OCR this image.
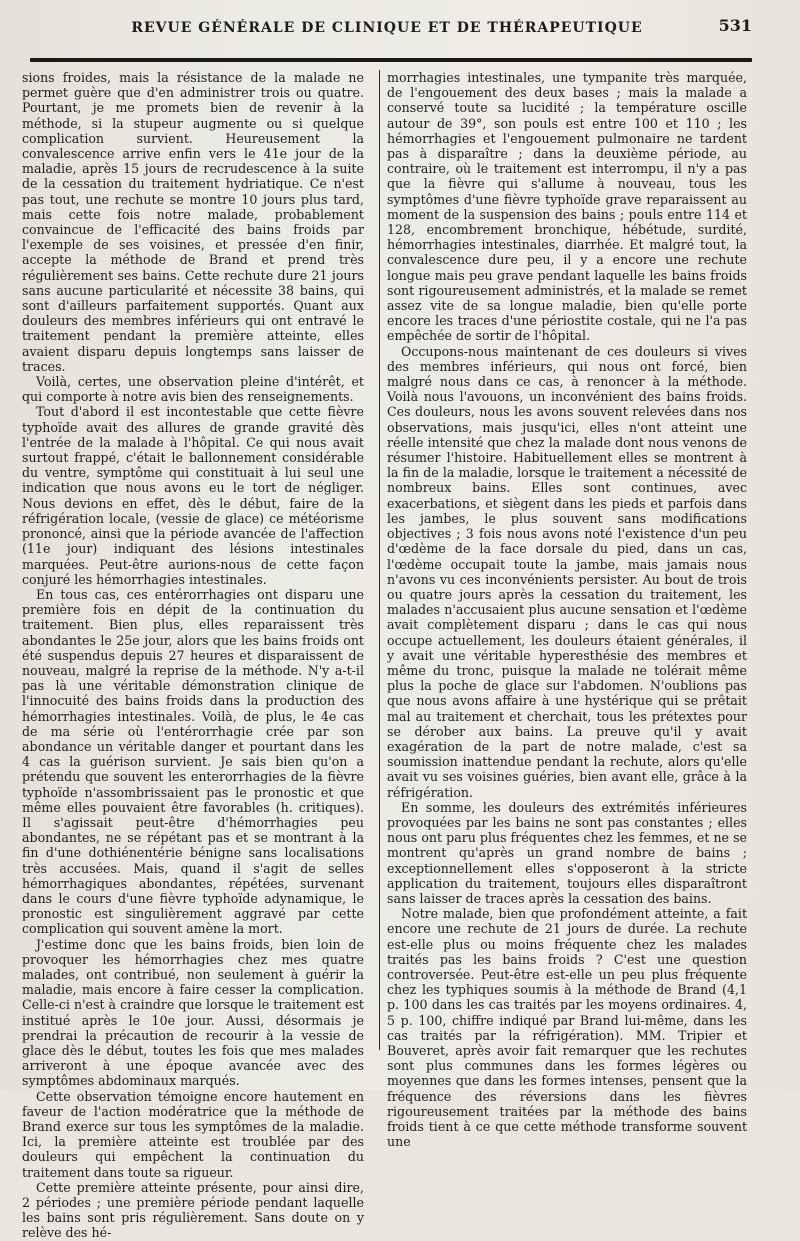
REVUE GÉNÉRALE DE CLINIQUE ET DE THÉRAPEUTIQUE	531

sions froides, mais la résistance de la malade ne permet guère que d'en administrer trois ou quatre. Pourtant, je me promets bien de revenir à la méthode, si la stupeur augmente ou si quelque complication survient. Heureusement la convalescence arrive enfin vers le 41e jour de la maladie, après 15 jours de recrudescence à la suite de la cessation du traitement hydriatique. Ce n'est pas tout, une rechute se montre 10 jours plus tard, mais cette fois notre malade, probablement convaincue de l'efficacité des bains froids par l'exemple de ses voisines, et pressée d'en finir, accepte la méthode de Brand et prend très régulièrement ses bains. Cette rechute dure 21 jours sans aucune particularité et nécessite 38 bains, qui sont d'ailleurs parfaitement supportés. Quant aux douleurs des membres inférieurs qui ont entravé le traitement pendant la première atteinte, elles avaient disparu depuis longtemps sans laisser de traces.

Voilà, certes, une observation pleine d'intérêt, et qui comporte à notre avis bien des renseignements.

Tout d'abord il est incontestable que cette fièvre typhoïde avait des allures de grande gravité dès l'entrée de la malade à l'hôpital. Ce qui nous avait surtout frappé, c'était le ballonnement considérable du ventre, symptôme qui constituait à lui seul une indication que nous avons eu le tort de négliger. Nous devions en effet, dès le début, faire de la réfrigération locale, (vessie de glace) ce météorisme prononcé, ainsi que la période avancée de l'affection (11e jour) indiquant des lésions intestinales marquées. Peut-être aurions-nous de cette façon conjuré les hémorrhagies intestinales.

En tous cas, ces entérorrhagies ont disparu une première fois en dépit de la continuation du traitement. Bien plus, elles reparaissent très abondantes le 25e jour, alors que les bains froids ont été suspendus depuis 27 heures et disparaissent de nouveau, malgré la reprise de la méthode. N'y a-t-il pas là une véritable démonstration clinique de l'innocuité des bains froids dans la production des hémorrhagies intestinales. Voilà, de plus, le 4e cas de ma série où l'entérorrhagie crée par son abondance un véritable danger et pourtant dans les 4 cas la guérison survient. Je sais bien qu'on a prétendu que souvent les enterorrhagies de la fièvre typhoïde n'assombrissaient pas le pronostic et que même elles pouvaient être favorables (h. critiques). Il s'agissait peut-être d'hémorrhagies peu abondantes, ne se répétant pas et se montrant à la fin d'une dothiénentérie bénigne sans localisations très accusées. Mais, quand il s'agit de selles hémorrhagiques abondantes, répétées, survenant dans le cours d'une fièvre typhoïde adynamique, le pronostic est singulièrement aggravé par cette complication qui souvent amène la mort.

J'estime donc que les bains froids, bien loin de provoquer les hémorrhagies chez mes quatre malades, ont contribué, non seulement à guérir la maladie, mais encore à faire cesser la complication. Celle-ci n'est à craindre que lorsque le traitement est institué après le 10e jour. Aussi, désormais je prendrai la précaution de recourir à la vessie de glace dès le début, toutes les fois que mes malades arriveront à une époque avancée avec des symptômes abdominaux marqués.

Cette observation témoigne encore hautement en faveur de l'action modératrice que la méthode de Brand exerce sur tous les symptômes de la maladie. Ici, la première atteinte est troublée par des douleurs qui empêchent la continuation du traitement dans toute sa rigueur.

Cette première atteinte présente, pour ainsi dire, 2 périodes ; une première période pendant laquelle les bains sont pris régulièrement. Sans doute on y relève des hé-

morrhagies intestinales, une tympanite très marquée, de l'engouement des deux bases ; mais la malade a conservé toute sa lucidité ; la température oscille autour de 39°, son pouls est entre 100 et 110 ; les hémorrhagies et l'engouement pulmonaire ne tardent pas à disparaître ; dans la deuxième période, au contraire, où le traitement est interrompu, il n'y a pas que la fièvre qui s'allume à nouveau, tous les symptômes d'une fièvre typhoïde grave reparaissent au moment de la suspension des bains ; pouls entre 114 et 128, encombrement bronchique, hébétude, surdité, hémorrhagies intestinales, diarrhée. Et malgré tout, la convalescence dure peu, il y a encore une rechute longue mais peu grave pendant laquelle les bains froids sont rigoureusement administrés, et la malade se remet assez vite de sa longue maladie, bien qu'elle porte encore les traces d'une périostite costale, qui ne l'a pas empêchée de sortir de l'hôpital.

Occupons-nous maintenant de ces douleurs si vives des membres inférieurs, qui nous ont forcé, bien malgré nous dans ce cas, à renoncer à la méthode. Voilà nous l'avouons, un inconvénient des bains froids. Ces douleurs, nous les avons souvent relevées dans nos observations, mais jusqu'ici, elles n'ont atteint une réelle intensité que chez la malade dont nous venons de résumer l'histoire. Habituellement elles se montrent à la fin de la maladie, lorsque le traitement a nécessité de nombreux bains. Elles sont continues, avec exacerbations, et siègent dans les pieds et parfois dans les jambes, le plus souvent sans modifications objectives ; 3 fois nous avons noté l'existence d'un peu d'œdème de la face dorsale du pied, dans un cas, l'œdème occupait toute la jambe, mais jamais nous n'avons vu ces inconvénients persister. Au bout de trois ou quatre jours après la cessation du traitement, les malades n'accusaient plus aucune sensation et l'œdème avait complètement disparu ; dans le cas qui nous occupe actuellement, les douleurs étaient générales, il y avait une véritable hyperesthésie des membres et même du tronc, puisque la malade ne tolérait même plus la poche de glace sur l'abdomen. N'oublions pas que nous avons affaire à une hystérique qui se prêtait mal au traitement et cherchait, tous les prétextes pour se dérober aux bains. La preuve qu'il y avait exagération de la part de notre malade, c'est sa soumission inattendue pendant la rechute, alors qu'elle avait vu ses voisines guéries, bien avant elle, grâce à la réfrigération.

En somme, les douleurs des extrémités inférieures provoquées par les bains ne sont pas constantes ; elles nous ont paru plus fréquentes chez les femmes, et ne se montrent qu'après un grand nombre de bains ; exceptionnellement elles s'opposeront à la stricte application du traitement, toujours elles disparaîtront sans laisser de traces après la cessation des bains.

Notre malade, bien que profondément atteinte, a fait encore une rechute de 21 jours de durée. La rechute est-elle plus ou moins fréquente chez les malades traités pas les bains froids ? C'est une question controversée. Peut-être est-elle un peu plus fréquente chez les typhiques soumis à la méthode de Brand (4,1 p. 100 dans les cas traités par les moyens ordinaires. 4, 5 p. 100, chiffre indiqué par Brand lui-même, dans les cas traités par la réfrigération). MM. Tripier et Bouveret, après avoir fait remarquer que les rechutes sont plus communes dans les formes légères ou moyennes que dans les formes intenses, pensent que la fréquence des réversions dans les fièvres rigoureusement traitées par la méthode des bains froids tient à ce que cette méthode transforme souvent une
